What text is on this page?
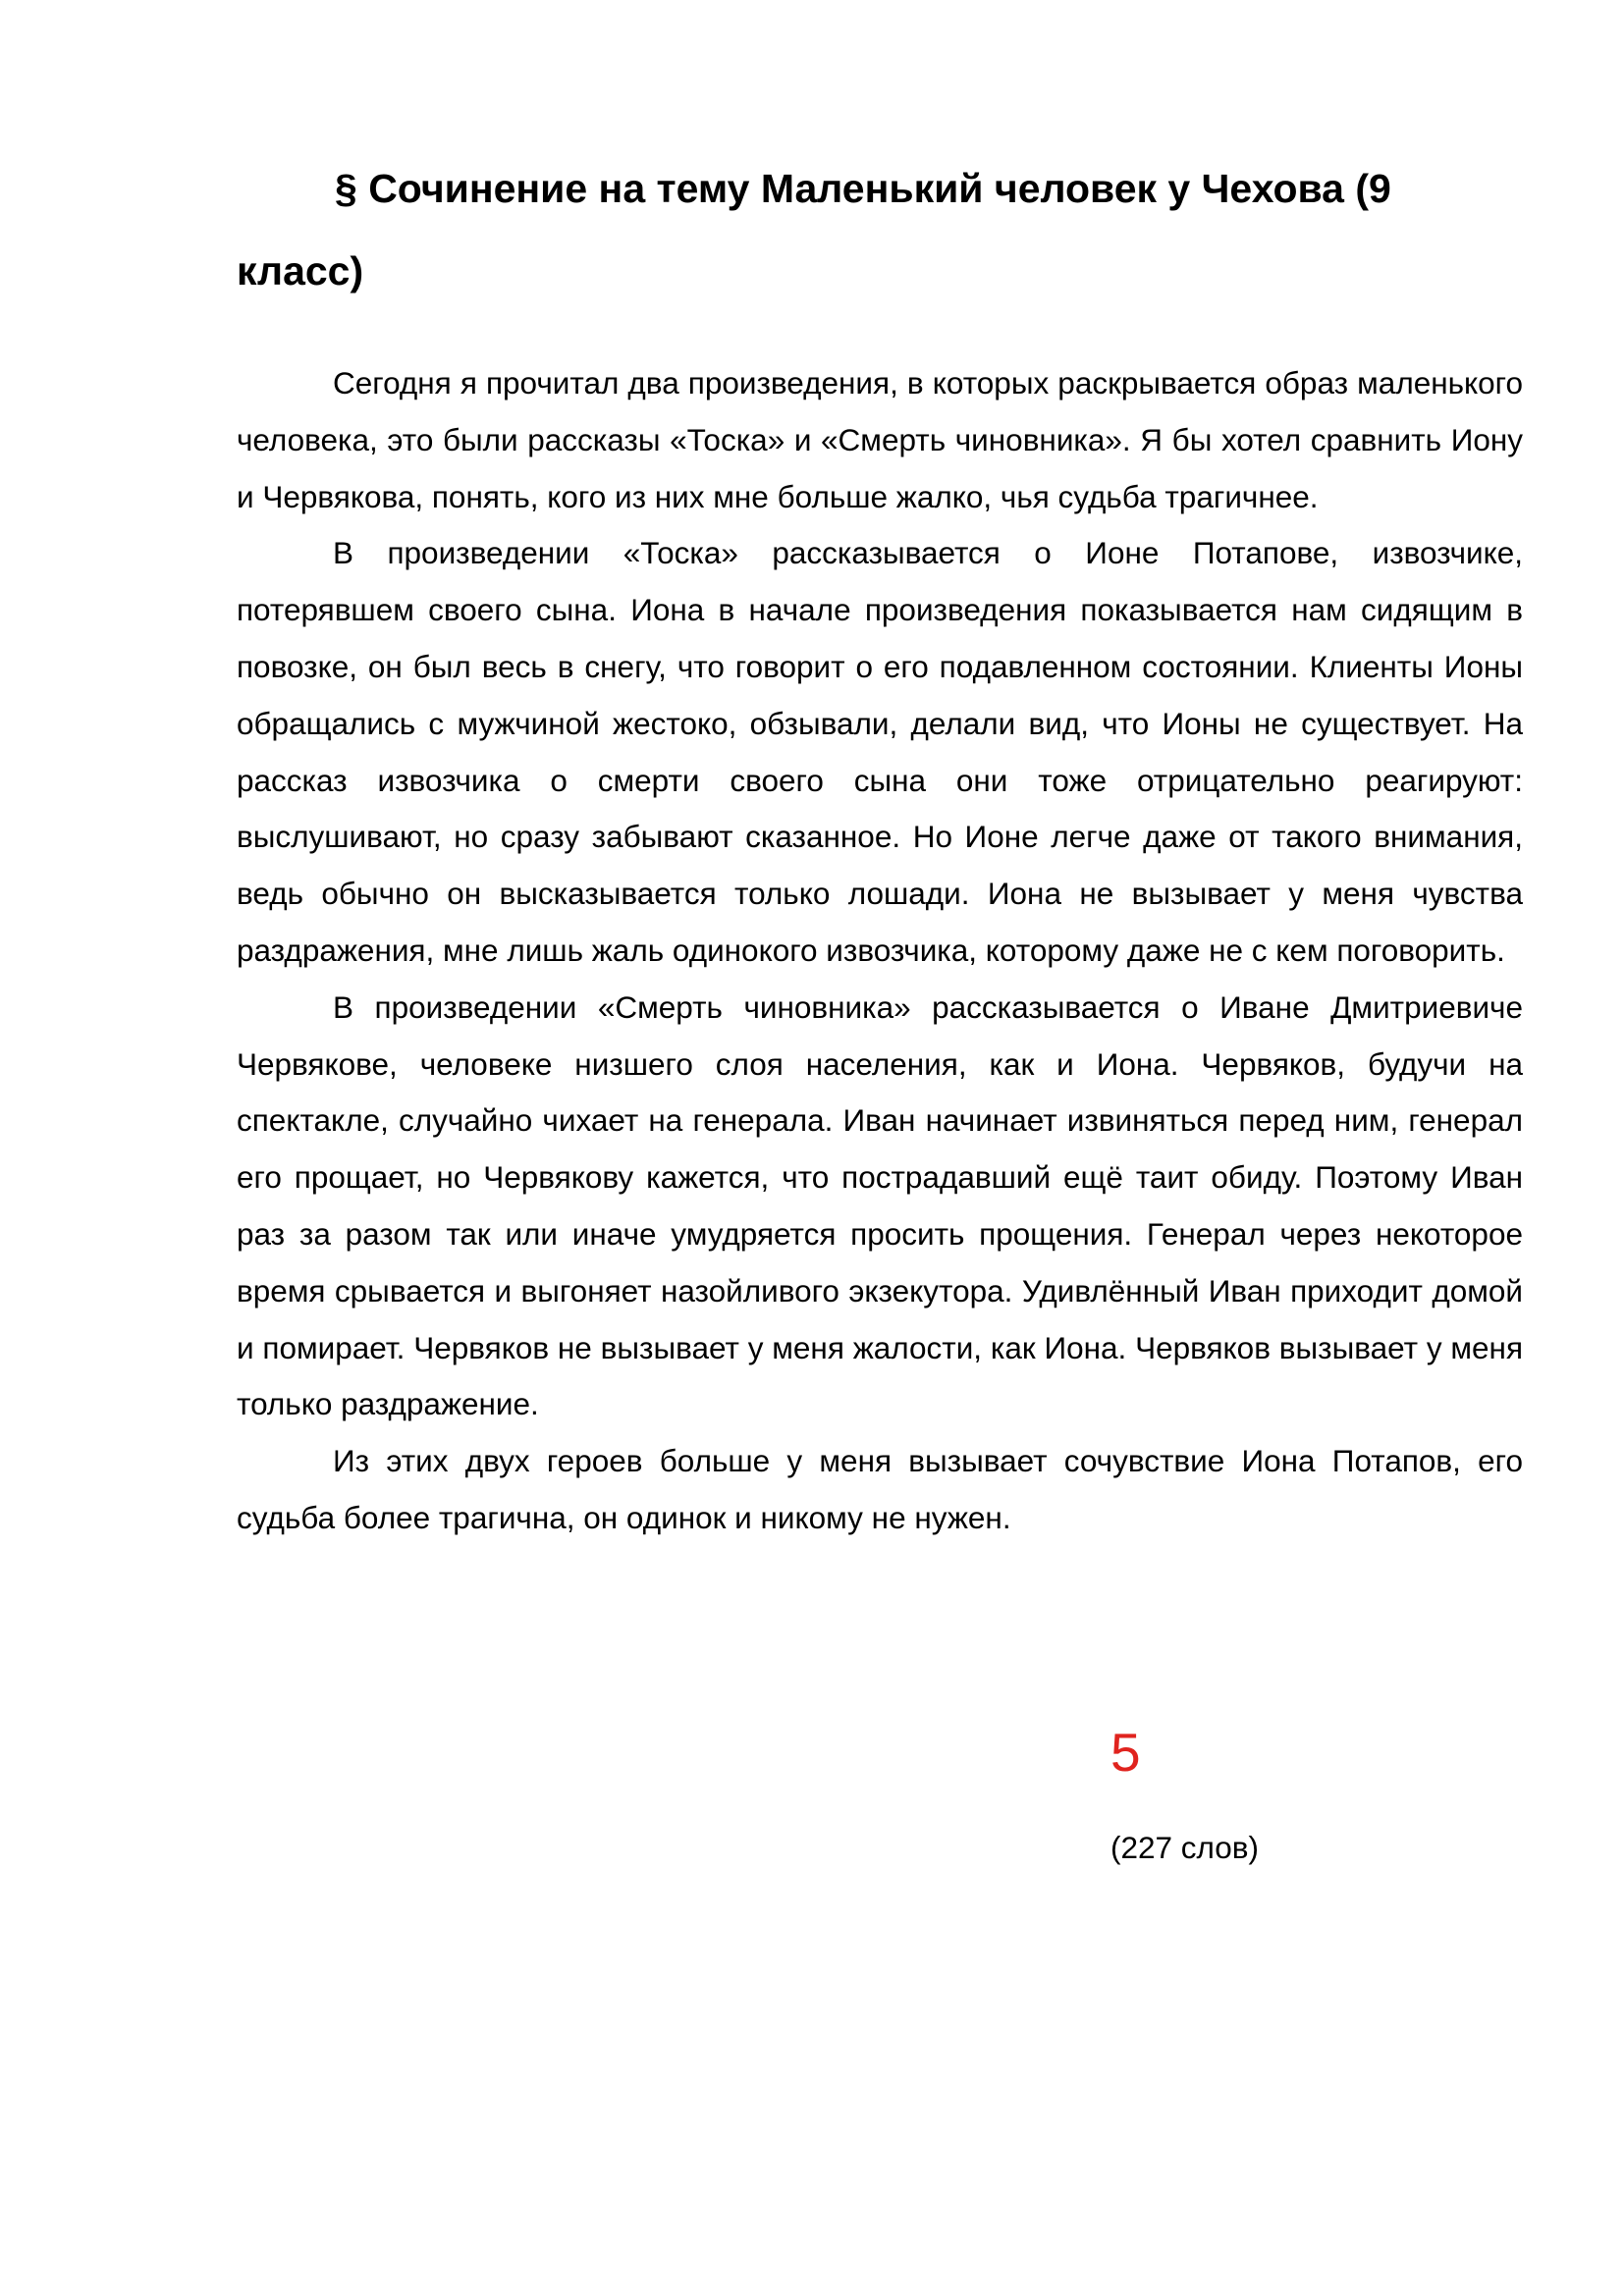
§ Сочинение на тему Маленький человек у Чехова (9 класс)

Сегодня я прочитал два произведения, в которых раскрывается образ маленького человека, это были рассказы «Тоска» и «Смерть чиновника». Я бы хотел сравнить Иону и Червякова, понять, кого из них мне больше жалко, чья судьба трагичнее.

В произведении «Тоска» рассказывается о Ионе Потапове, извозчике, потерявшем своего сына. Иона в начале произведения показывается нам сидящим в повозке, он был весь в снегу, что говорит о его подавленном состоянии. Клиенты Ионы обращались с мужчиной жестоко, обзывали, делали вид, что Ионы не существует. На рассказ извозчика о смерти своего сына они тоже отрицательно реагируют: выслушивают, но сразу забывают сказанное. Но Ионе легче даже от такого внимания, ведь обычно он высказывается только лошади. Иона не вызывает у меня чувства раздражения, мне лишь жаль одинокого извозчика, которому даже не с кем поговорить.

В произведении «Смерть чиновника» рассказывается о Иване Дмитриевиче Червякове, человеке низшего слоя населения, как и Иона. Червяков, будучи на спектакле, случайно чихает на генерала. Иван начинает извиняться перед ним, генерал его прощает, но Червякову кажется, что пострадавший ещё таит обиду. Поэтому Иван раз за разом так или иначе умудряется просить прощения. Генерал через некоторое время срывается и выгоняет назойливого экзекутора. Удивлённый Иван приходит домой и помирает. Червяков не вызывает у меня жалости, как Иона. Червяков вызывает у меня только раздражение.

Из этих двух героев больше у меня вызывает сочувствие Иона Потапов, его судьба более трагична, он одинок и никому не нужен.

5

(227 слов)
